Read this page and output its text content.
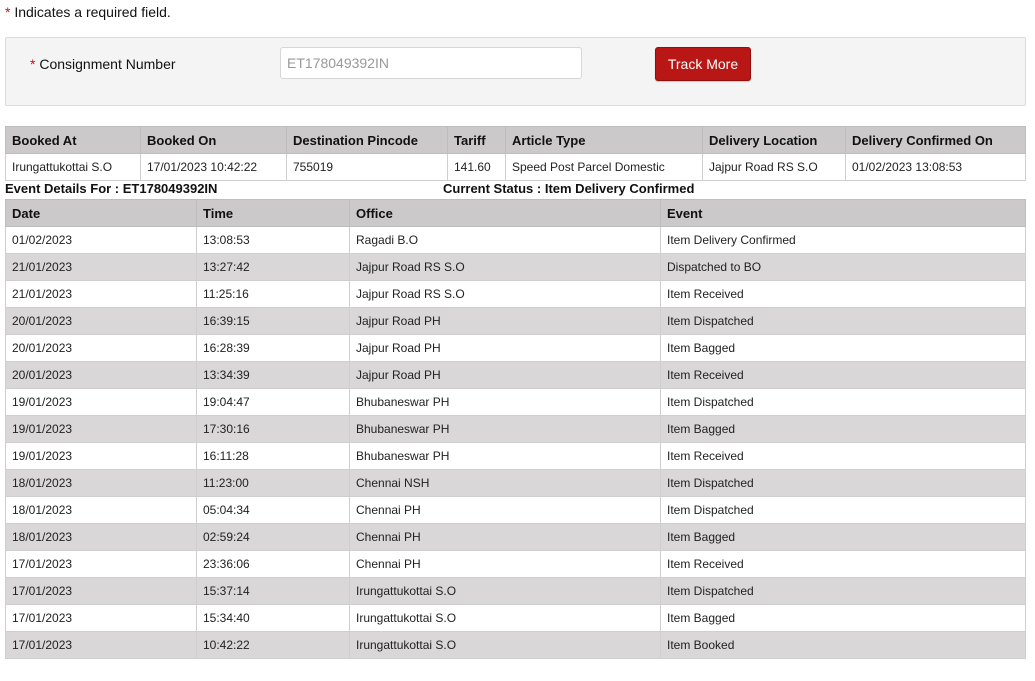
* Indicates a required field.
* Consignment Number
ET178049392IN	Track More
Booked At	Booked On	Destination Pincode	Tariff	Article Type	Delivery Location	Delivery Confirmed On
Irungattukottai S.O	17/01/2023 10:42:22	755019	141.60	Speed Post Parcel Domestic	Jajpur Road RS S.O	01/02/2023 13:08:53
Event Details For : ET178049392IN	Current Status : Item Delivery Confirmed
Date	Time	Office	Event
01/02/2023	13:08:53	Ragadi B.O	Item Delivery Confirmed
21/01/2023	13:27:42	Jajpur Road RS S.O	Dispatched to BO
21/01/2023	11:25:16	Jajpur Road RS S.O	Item Received
20/01/2023	16:39:15	Jajpur Road PH	Item Dispatched
20/01/2023	16:28:39	Jajpur Road PH	Item Bagged
20/01/2023	13:34:39	Jajpur Road PH	Item Received
19/01/2023	19:04:47	Bhubaneswar PH	Item Dispatched
19/01/2023	17:30:16	Bhubaneswar PH	Item Bagged
19/01/2023	16:11:28	Bhubaneswar PH	Item Received
18/01/2023	11:23:00	Chennai NSH	Item Dispatched
18/01/2023	05:04:34	Chennai PH	Item Dispatched
18/01/2023	02:59:24	Chennai PH	Item Bagged
17/01/2023	23:36:06	Chennai PH	Item Received
17/01/2023	15:37:14	Irungattukottai S.O	Item Dispatched
17/01/2023	15:34:40	Irungattukottai S.O	Item Bagged
17/01/2023	10:42:22	Irungattukottai S.O	Item Booked
